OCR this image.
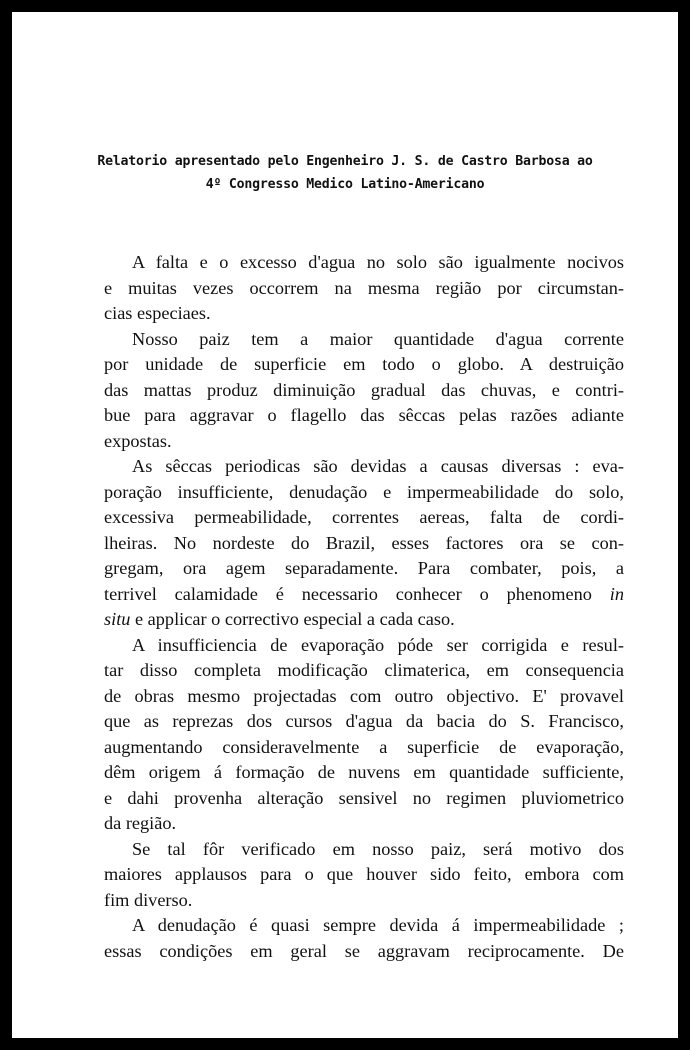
Relatorio apresentado pelo Engenheiro J. S. de Castro Barbosa ao
4º Congresso Medico Latino-Americano
A falta e o excesso d'agua no solo são igualmente nocivos
e muitas vezes occorrem na mesma região por circumstan-
cias especiaes.
Nosso paiz tem a maior quantidade d'agua corrente
por unidade de superficie em todo o globo. A destruição
das mattas produz diminuição gradual das chuvas, e contri-
bue para aggravar o flagello das sêccas pelas razões adiante
expostas.
As sêccas periodicas são devidas a causas diversas : eva-
poração insufficiente, denudação e impermeabilidade do solo,
excessiva permeabilidade, correntes aereas, falta de cordi-
lheiras. No nordeste do Brazil, esses factores ora se con-
gregam, ora agem separadamente. Para combater, pois, a
terrivel calamidade é necessario conhecer o phenomeno in
situ e applicar o correctivo especial a cada caso.
A insufficiencia de evaporação póde ser corrigida e resul-
tar disso completa modificação climaterica, em consequencia
de obras mesmo projectadas com outro objectivo. E' provavel
que as reprezas dos cursos d'agua da bacia do S. Francisco,
augmentando consideravelmente a superficie de evaporação,
dêm origem á formação de nuvens em quantidade sufficiente,
e dahi provenha alteração sensivel no regimen pluviometrico
da região.
Se tal fôr verificado em nosso paiz, será motivo dos
maiores applausos para o que houver sido feito, embora com
fim diverso.
A denudação é quasi sempre devida á impermeabilidade ;
essas condições em geral se aggravam reciprocamente. De
